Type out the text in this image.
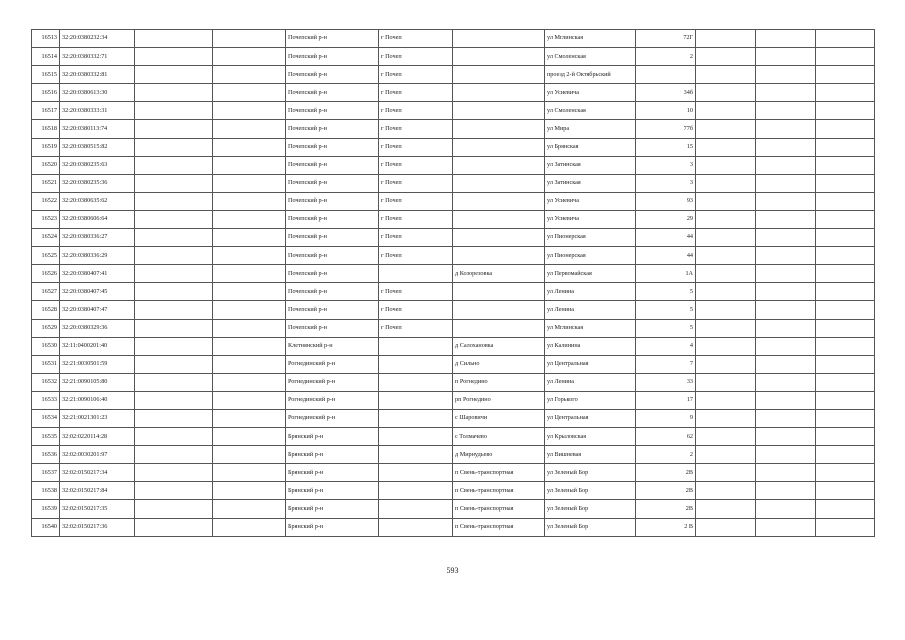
16513	32:20:0380232:34			Почепский р-н	г Почеп		ул Мглинская	72Г			
16514	32:20:0380332:71			Почепский р-н	г Почеп		ул Смоленская	2			
16515	32:20:0380332:81			Почепский р-н	г Почеп		проезд 2-й Октябрьский				
16516	32:20:0380613:30			Почепский р-н	г Почеп		ул Усиевича	34б			
16517	32:20:0380333:31			Почепский р-н	г Почеп		ул Смоленская	10			
16518	32:20:0380113:74			Почепский р-н	г Почеп		ул Мира	77б			
16519	32:20:0380515:82			Почепский р-н	г Почеп		ул Брянская	15			
16520	32:20:0380235:63			Почепский р-н	г Почеп		ул Затинская	3			
16521	32:20:0380235:36			Почепский р-н	г Почеп		ул Затинская	3			
16522	32:20:0380635:62			Почепский р-н	г Почеп		ул Усиевича	93			
16523	32:20:0380606:64			Почепский р-н	г Почеп		ул Усиевича	29			
16524	32:20:0380336:27			Почепский р-н	г Почеп		ул Пионерская	44			
16525	32:20:0380336:29			Почепский р-н	г Почеп		ул Пионерская	44			
16526	32:20:0380407:41			Почепский р-н		д Козорезовка	ул Первомайская	1А			
16527	32:20:0380407:45			Почепский р-н	г Почеп		ул Ленина	5			
16528	32:20:0380407:47			Почепский р-н	г Почеп		ул Ленина	5			
16529	32:20:0380329:36			Почепский р-н	г Почеп		ул Мглинская	5			
16530	32:11:0400201:40			Клетнянский р-н		д Салохановка	ул Калинина	4			
16531	32:21:0030501:59			Рогнединский р-н		д Сильно	ул Центральная	7			
16532	32:21:0090105:80			Рогнединский р-н		п Рогнедино	ул Ленина	33			
16533	32:21:0090106:40			Рогнединский р-н		рп Рогнедино	ул Горького	17			
16534	32:21:0021301:23			Рогнединский р-н		с Шаровичи	ул Центральная	9			
16535	32:02:0220114:28			Брянский р-н		с Толмачево	ул Крыловская	62			
16536	32:02:0030201:97			Брянский р-н		д Мирнудьево	ул Вишневая	2			
16537	32:02:0150217:34			Брянский р-н		п Свень-транспортная	ул Зеленый Бор	2В			
16538	32:02:0150217:84			Брянский р-н		п Свень-транспортная	ул Зеленый Бор	2В			
16539	32:02:0150217:35			Брянский р-н		п Свень-транспортная	ул Зеленый Бор	2В			
16540	32:02:0150217:36			Брянский р-н		п Свень-транспортная	ул Зеленый Бор	2 В			
593
